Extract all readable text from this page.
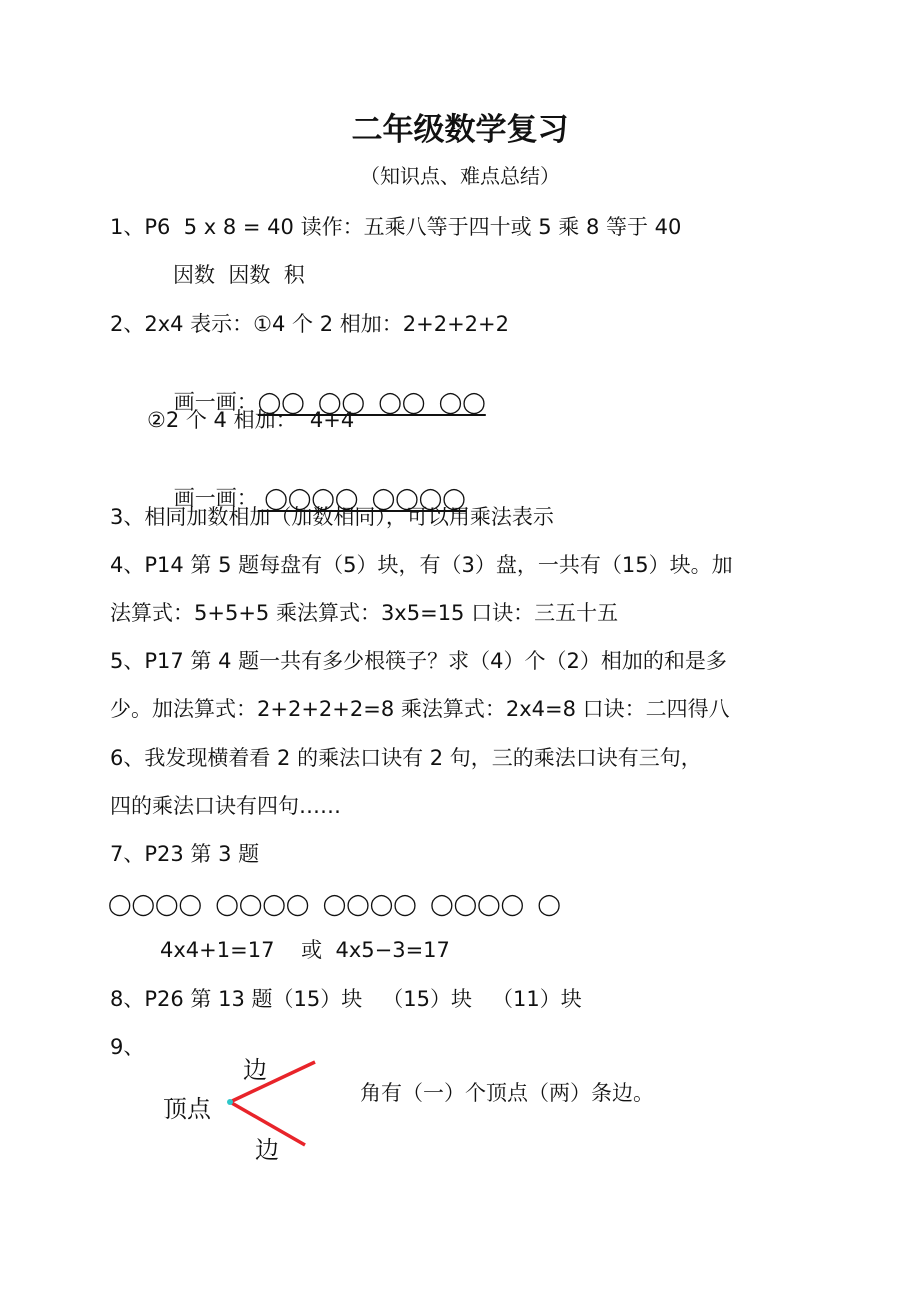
二年级数学复习
（知识点、难点总结）
1、P6  5 x 8 = 40 读作：五乘八等于四十或 5 乘 8 等于 40
因数  因数  积
2、2x4 表示：①4 个 2 相加：2+2+2+2

画一画：◯◯  ◯◯  ◯◯  ◯◯

②2 个 4 相加：  4+4

画一画： ◯◯◯◯  ◯◯◯◯

3、相同加数相加（加数相同），可以用乘法表示
4、P14 第 5 题每盘有（5）块，有（3）盘，一共有（15）块。加
法算式：5+5+5 乘法算式：3x5=15 口诀：三五十五
5、P17 第 4 题一共有多少根筷子？求（4）个（2）相加的和是多
少。加法算式：2+2+2+2=8 乘法算式：2x4=8 口诀：二四得八
6、我发现横着看 2 的乘法口诀有 2 句，三的乘法口诀有三句，
四的乘法口诀有四句……
7、P23 第 3 题
◯◯◯◯  ◯◯◯◯  ◯◯◯◯  ◯◯◯◯  ◯
4x4+1=17    或  4x5−3=17
8、P26 第 13 题（15）块   （15）块   （11）块
9、
顶点
边
边
角有（一）个顶点（两）条边。
